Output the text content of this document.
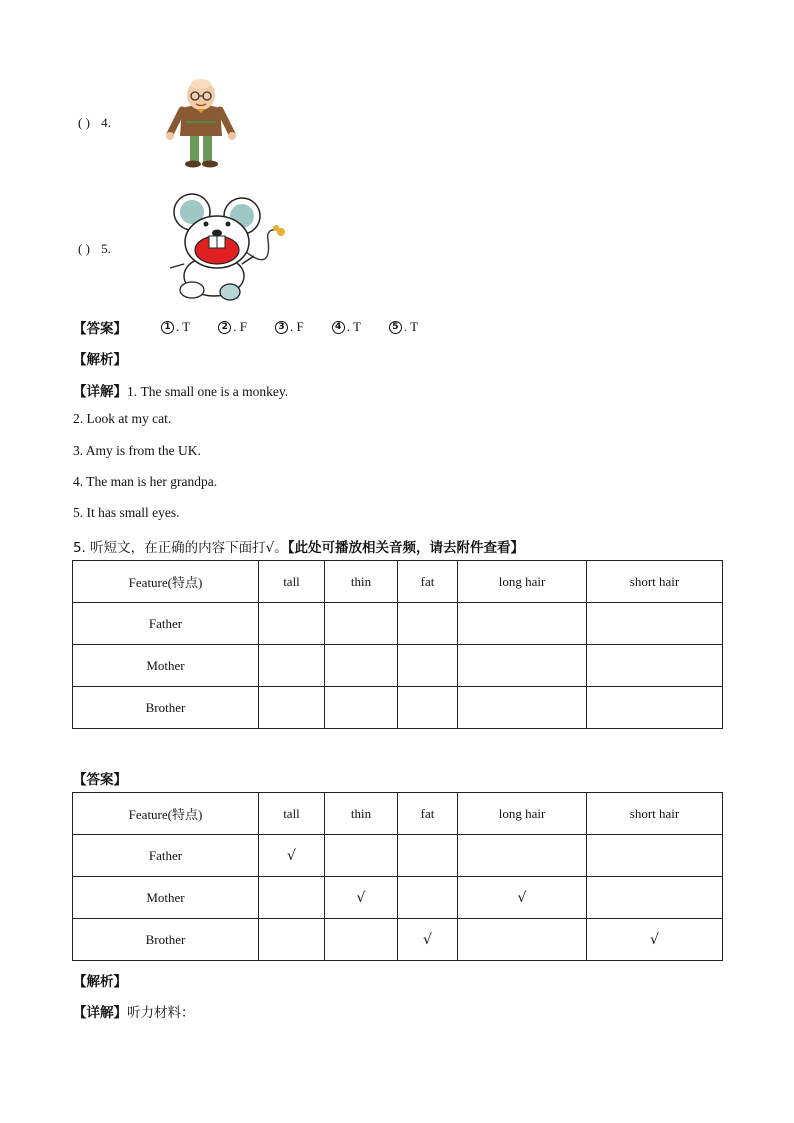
( ) 4.
( ) 5.
【答案】	1 . T	2 . F	3 . F	4 . T	5 . T
【解析】
【详解】1. The small one is a monkey.
2. Look at my cat.
3. Amy is from the UK.
4. The man is her grandpa.
5. It has small eyes.
5. 听短文，在正确的内容下面打√。【此处可播放相关音频，请去附件查看】
Feature(特点)	tall	thin	fat	long hair	short hair
Father					
Mother					
Brother					
【答案】
Feature(特点)	tall	thin	fat	long hair	short hair
Father	√				
Mother		√		√	
Brother			√		√
【解析】
【详解】听力材料：
